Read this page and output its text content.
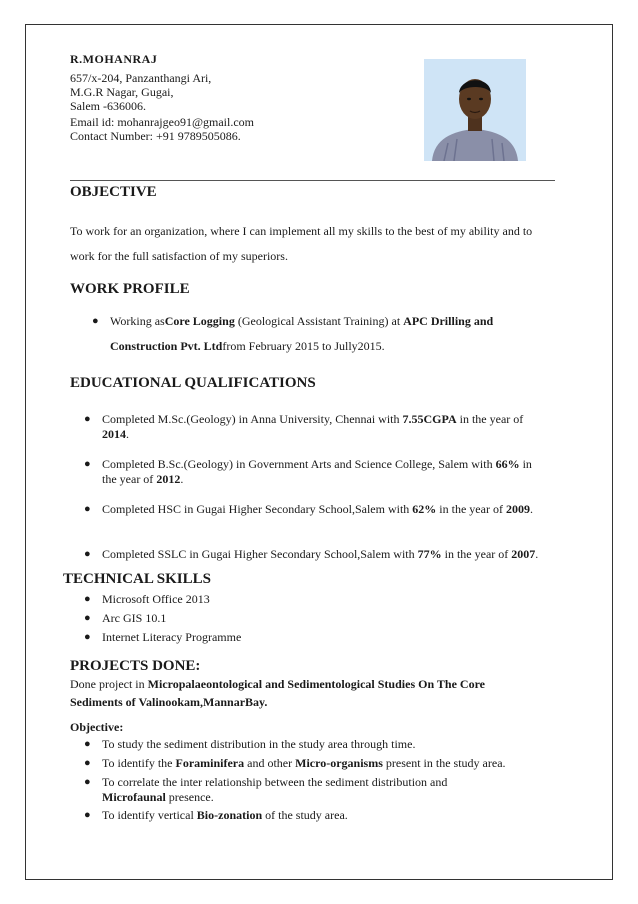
R.MOHANRAJ
657/x-204, Panzanthangi Ari,
M.G.R Nagar, Gugai,
Salem -636006.
Email id: mohanrajgeo91@gmail.com
Contact Number: +91 9789505086.
OBJECTIVE
To work for an organization, where I can implement all my skills to the best of my ability and to
work for the full satisfaction of my superiors.
WORK PROFILE
● Working asCore Logging (Geological Assistant Training) at APC Drilling and
Construction Pvt. Ltdfrom February 2015 to Jully2015.
EDUCATIONAL QUALIFICATIONS
● Completed M.Sc.(Geology) in Anna University, Chennai with 7.55CGPA in the year of
2014.
● Completed B.Sc.(Geology) in Government Arts and Science College, Salem with 66% in
the year of 2012.
● Completed HSC in Gugai Higher Secondary School,Salem with 62% in the year of 2009.
● Completed SSLC in Gugai Higher Secondary School,Salem with 77% in the year of 2007.
TECHNICAL SKILLS
● Microsoft Office 2013
● Arc GIS 10.1
● Internet Literacy Programme
PROJECTS DONE:
Done project in Micropalaeontological and Sedimentological Studies On The Core
Sediments of Valinookam,MannarBay.
Objective:
● To study the sediment distribution in the study area through time.
● To identify the Foraminifera and other Micro-organisms present in the study area.
● To correlate the inter relationship between the sediment distribution and
Microfaunal presence.
● To identify vertical Bio-zonation of the study area.
